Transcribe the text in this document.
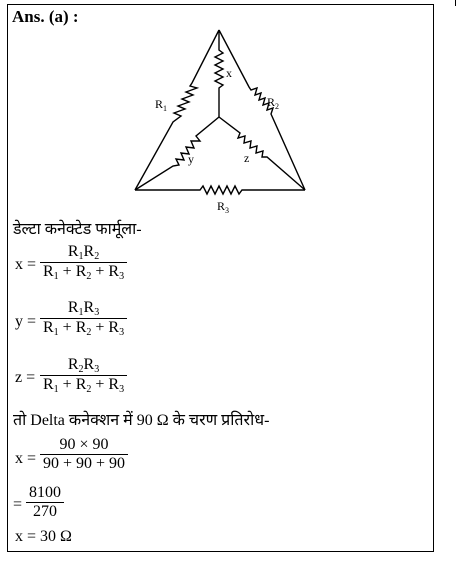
Ans. (a) :
$R_1$	$R_2$
$R_3$
x
y	z
डेल्टा कनेक्टेड फार्मूला-
$x = \frac{R_1R_2}{R_1 + R_2 + R_3}$
$y = \frac{R_1R_3}{R_1 + R_2 + R_3}$
$z = \frac{R_2R_3}{R_1 + R_2 + R_3}$
तो Delta कनेक्शन में 90 Ω के चरण प्रतिरोध-
$x = \frac{90 \times 90}{90 + 90 + 90}$
= $\frac{8100}{270}$
x = 30 Ω
